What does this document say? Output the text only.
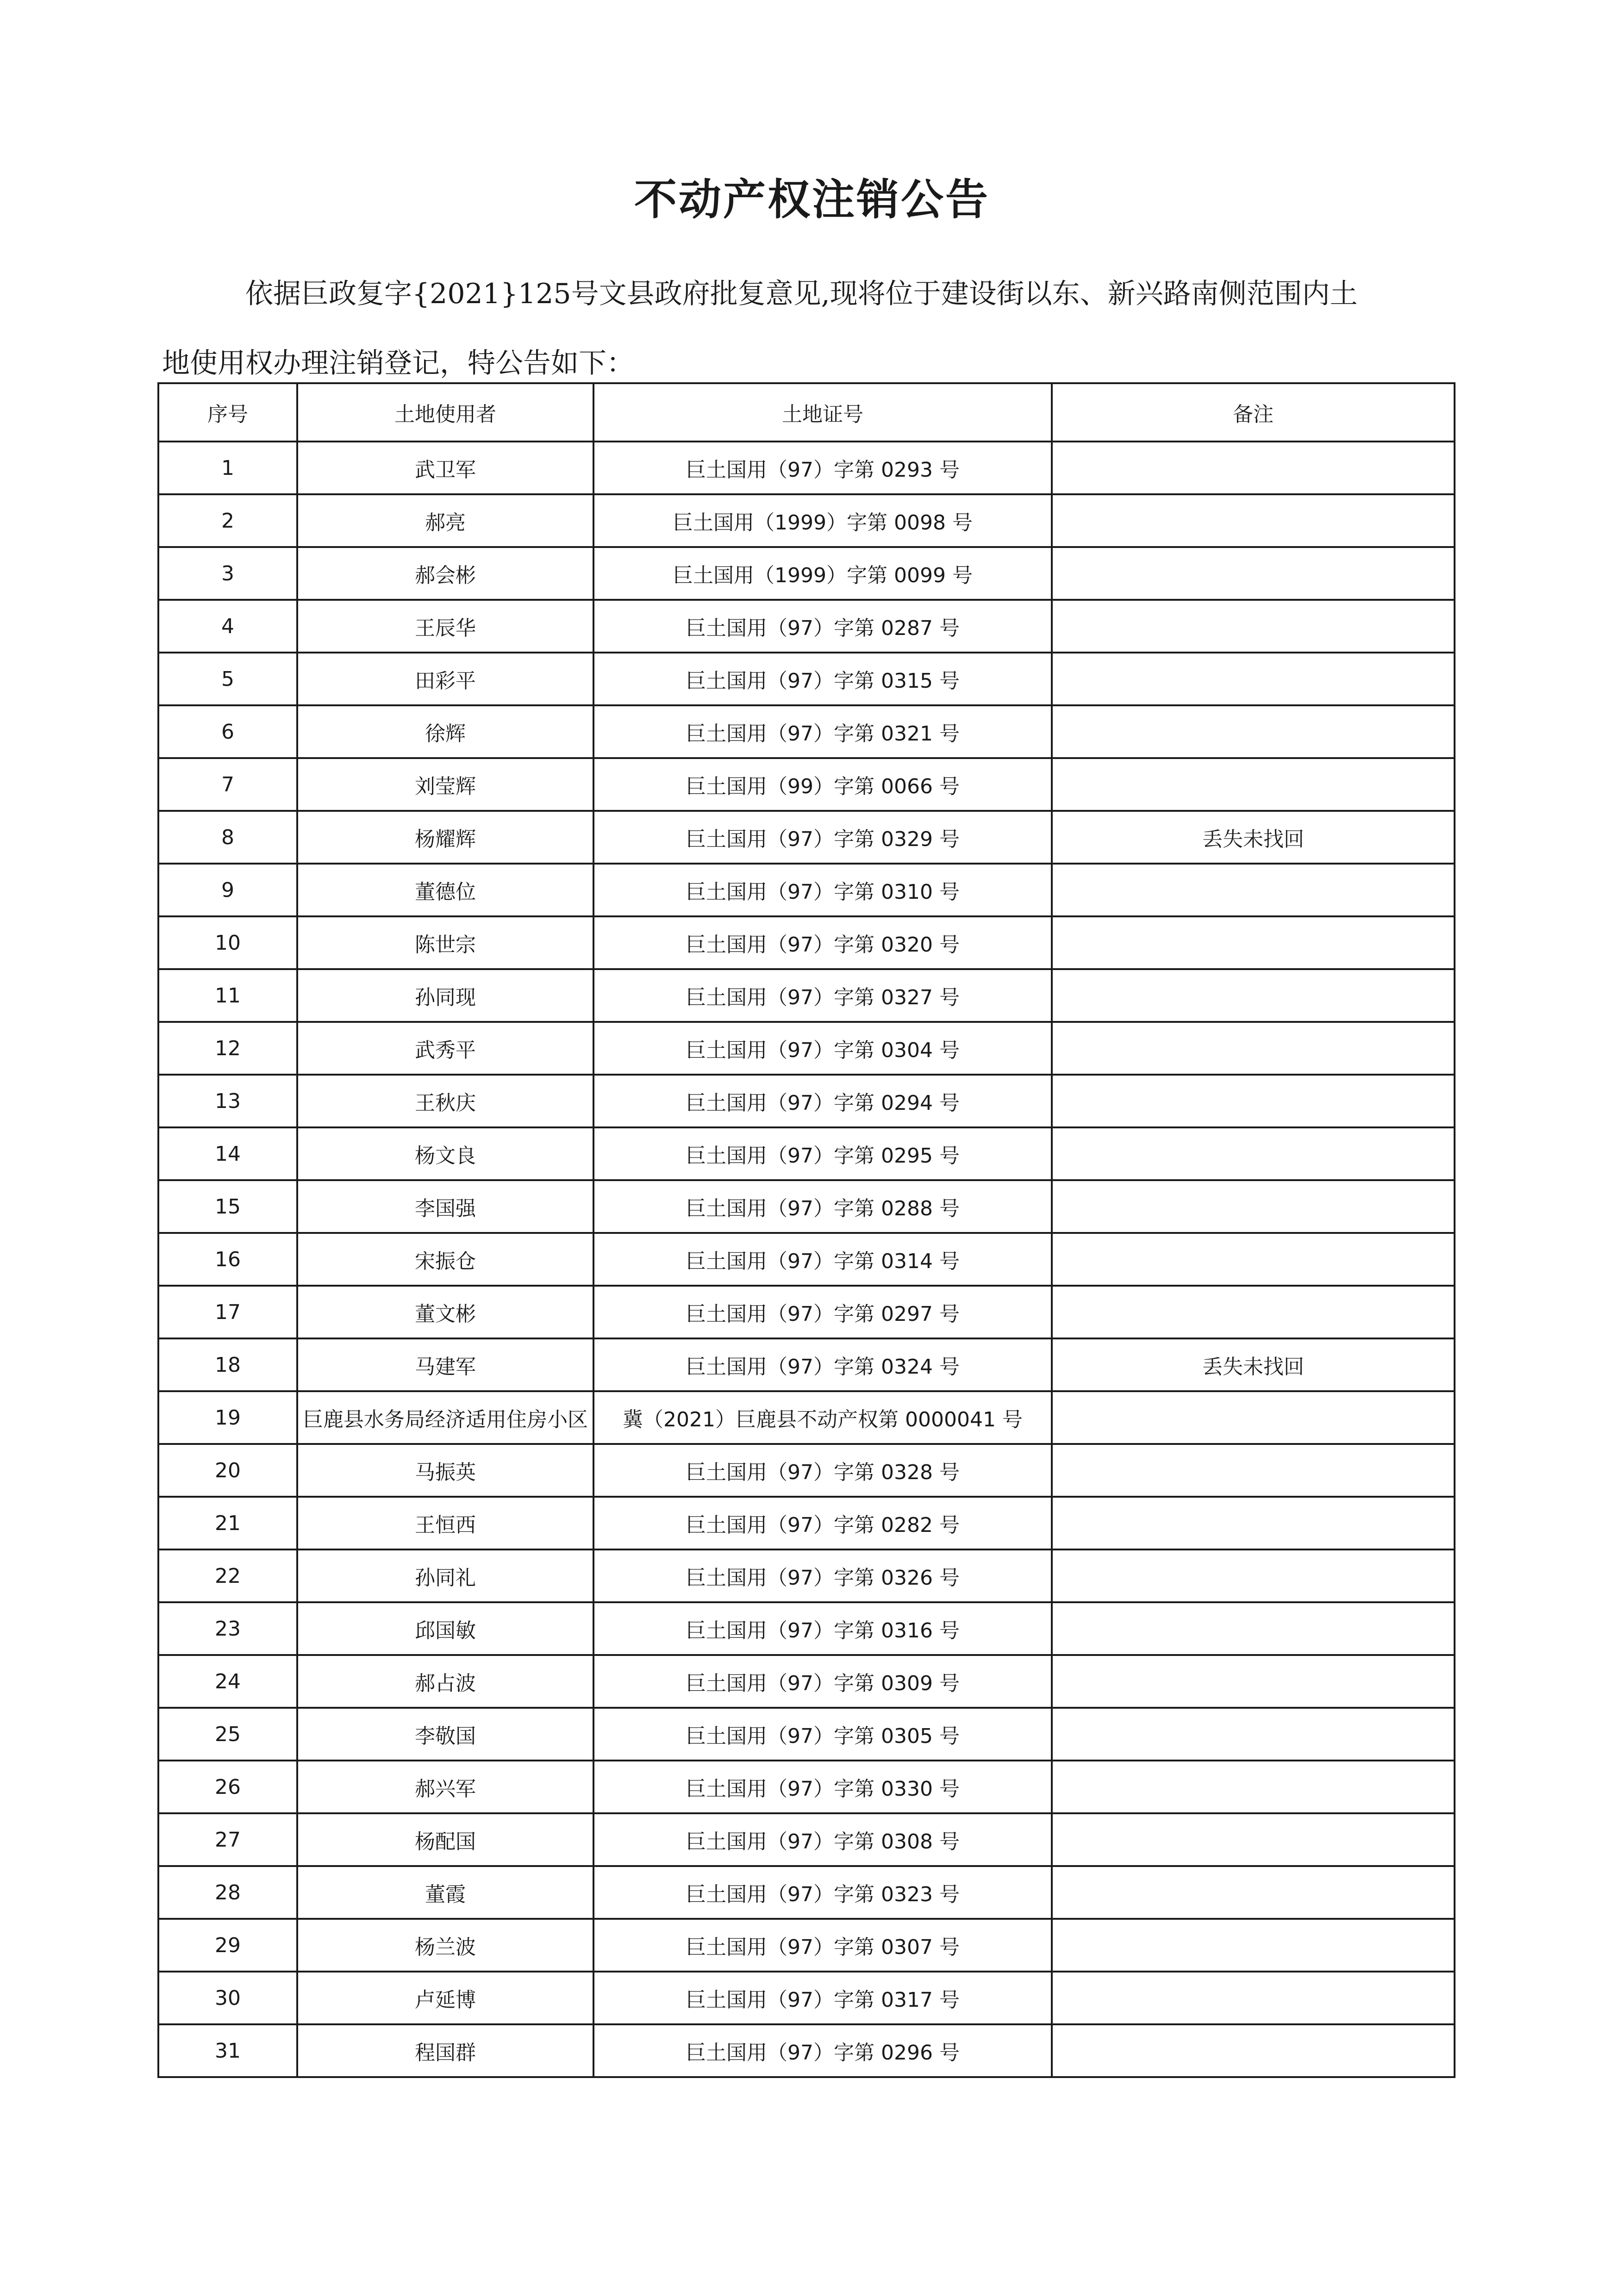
不动产权注销公告

依据巨政复字{2021}125号文县政府批复意见,现将位于建设街以东、新兴路南侧范围内土

地使用权办理注销登记，特公告如下：

序号	土地使用者	土地证号	备注
1	武卫军	巨土国用（97）字第 0293 号	
2	郝亮	巨土国用（1999）字第 0098 号	
3	郝会彬	巨土国用（1999）字第 0099 号	
4	王辰华	巨土国用（97）字第 0287 号	
5	田彩平	巨土国用（97）字第 0315 号	
6	徐辉	巨土国用（97）字第 0321 号	
7	刘莹辉	巨土国用（99）字第 0066 号	
8	杨耀辉	巨土国用（97）字第 0329 号	丢失未找回
9	董德位	巨土国用（97）字第 0310 号	
10	陈世宗	巨土国用（97）字第 0320 号	
11	孙同现	巨土国用（97）字第 0327 号	
12	武秀平	巨土国用（97）字第 0304 号	
13	王秋庆	巨土国用（97）字第 0294 号	
14	杨文良	巨土国用（97）字第 0295 号	
15	李国强	巨土国用（97）字第 0288 号	
16	宋振仓	巨土国用（97）字第 0314 号	
17	董文彬	巨土国用（97）字第 0297 号	
18	马建军	巨土国用（97）字第 0324 号	丢失未找回
19	巨鹿县水务局经济适用住房小区	冀（2021）巨鹿县不动产权第 0000041 号	
20	马振英	巨土国用（97）字第 0328 号	
21	王恒西	巨土国用（97）字第 0282 号	
22	孙同礼	巨土国用（97）字第 0326 号	
23	邱国敏	巨土国用（97）字第 0316 号	
24	郝占波	巨土国用（97）字第 0309 号	
25	李敬国	巨土国用（97）字第 0305 号	
26	郝兴军	巨土国用（97）字第 0330 号	
27	杨配国	巨土国用（97）字第 0308 号	
28	董霞	巨土国用（97）字第 0323 号	
29	杨兰波	巨土国用（97）字第 0307 号	
30	卢延博	巨土国用（97）字第 0317 号	
31	程国群	巨土国用（97）字第 0296 号	
